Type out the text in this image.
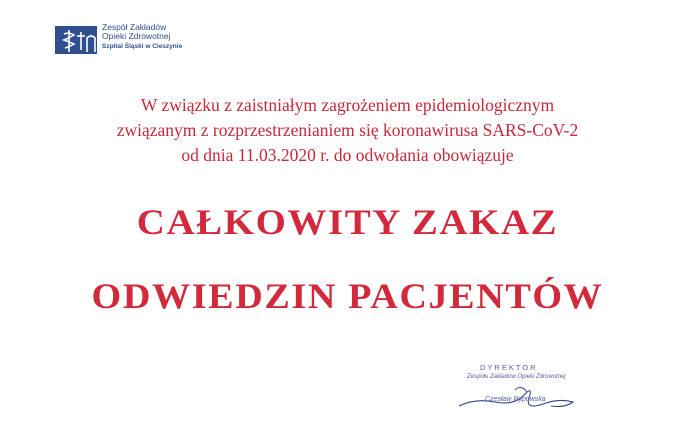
Zespół Zakładów
Opieki Zdrowotnej
Szpital Śląski w Cieszynie
W związku z zaistniałym zagrożeniem epidemiologicznym
związanym z rozprzestrzenianiem się koronawirusa SARS-CoV-2
od dnia 11.03.2020 r. do odwołania obowiązuje
CAŁKOWITY ZAKAZ
ODWIEDZIN PACJENTÓW
DYREKTOR
Zespołu Zakładów Opieki Zdrowotnej
Czesław Rypowska
